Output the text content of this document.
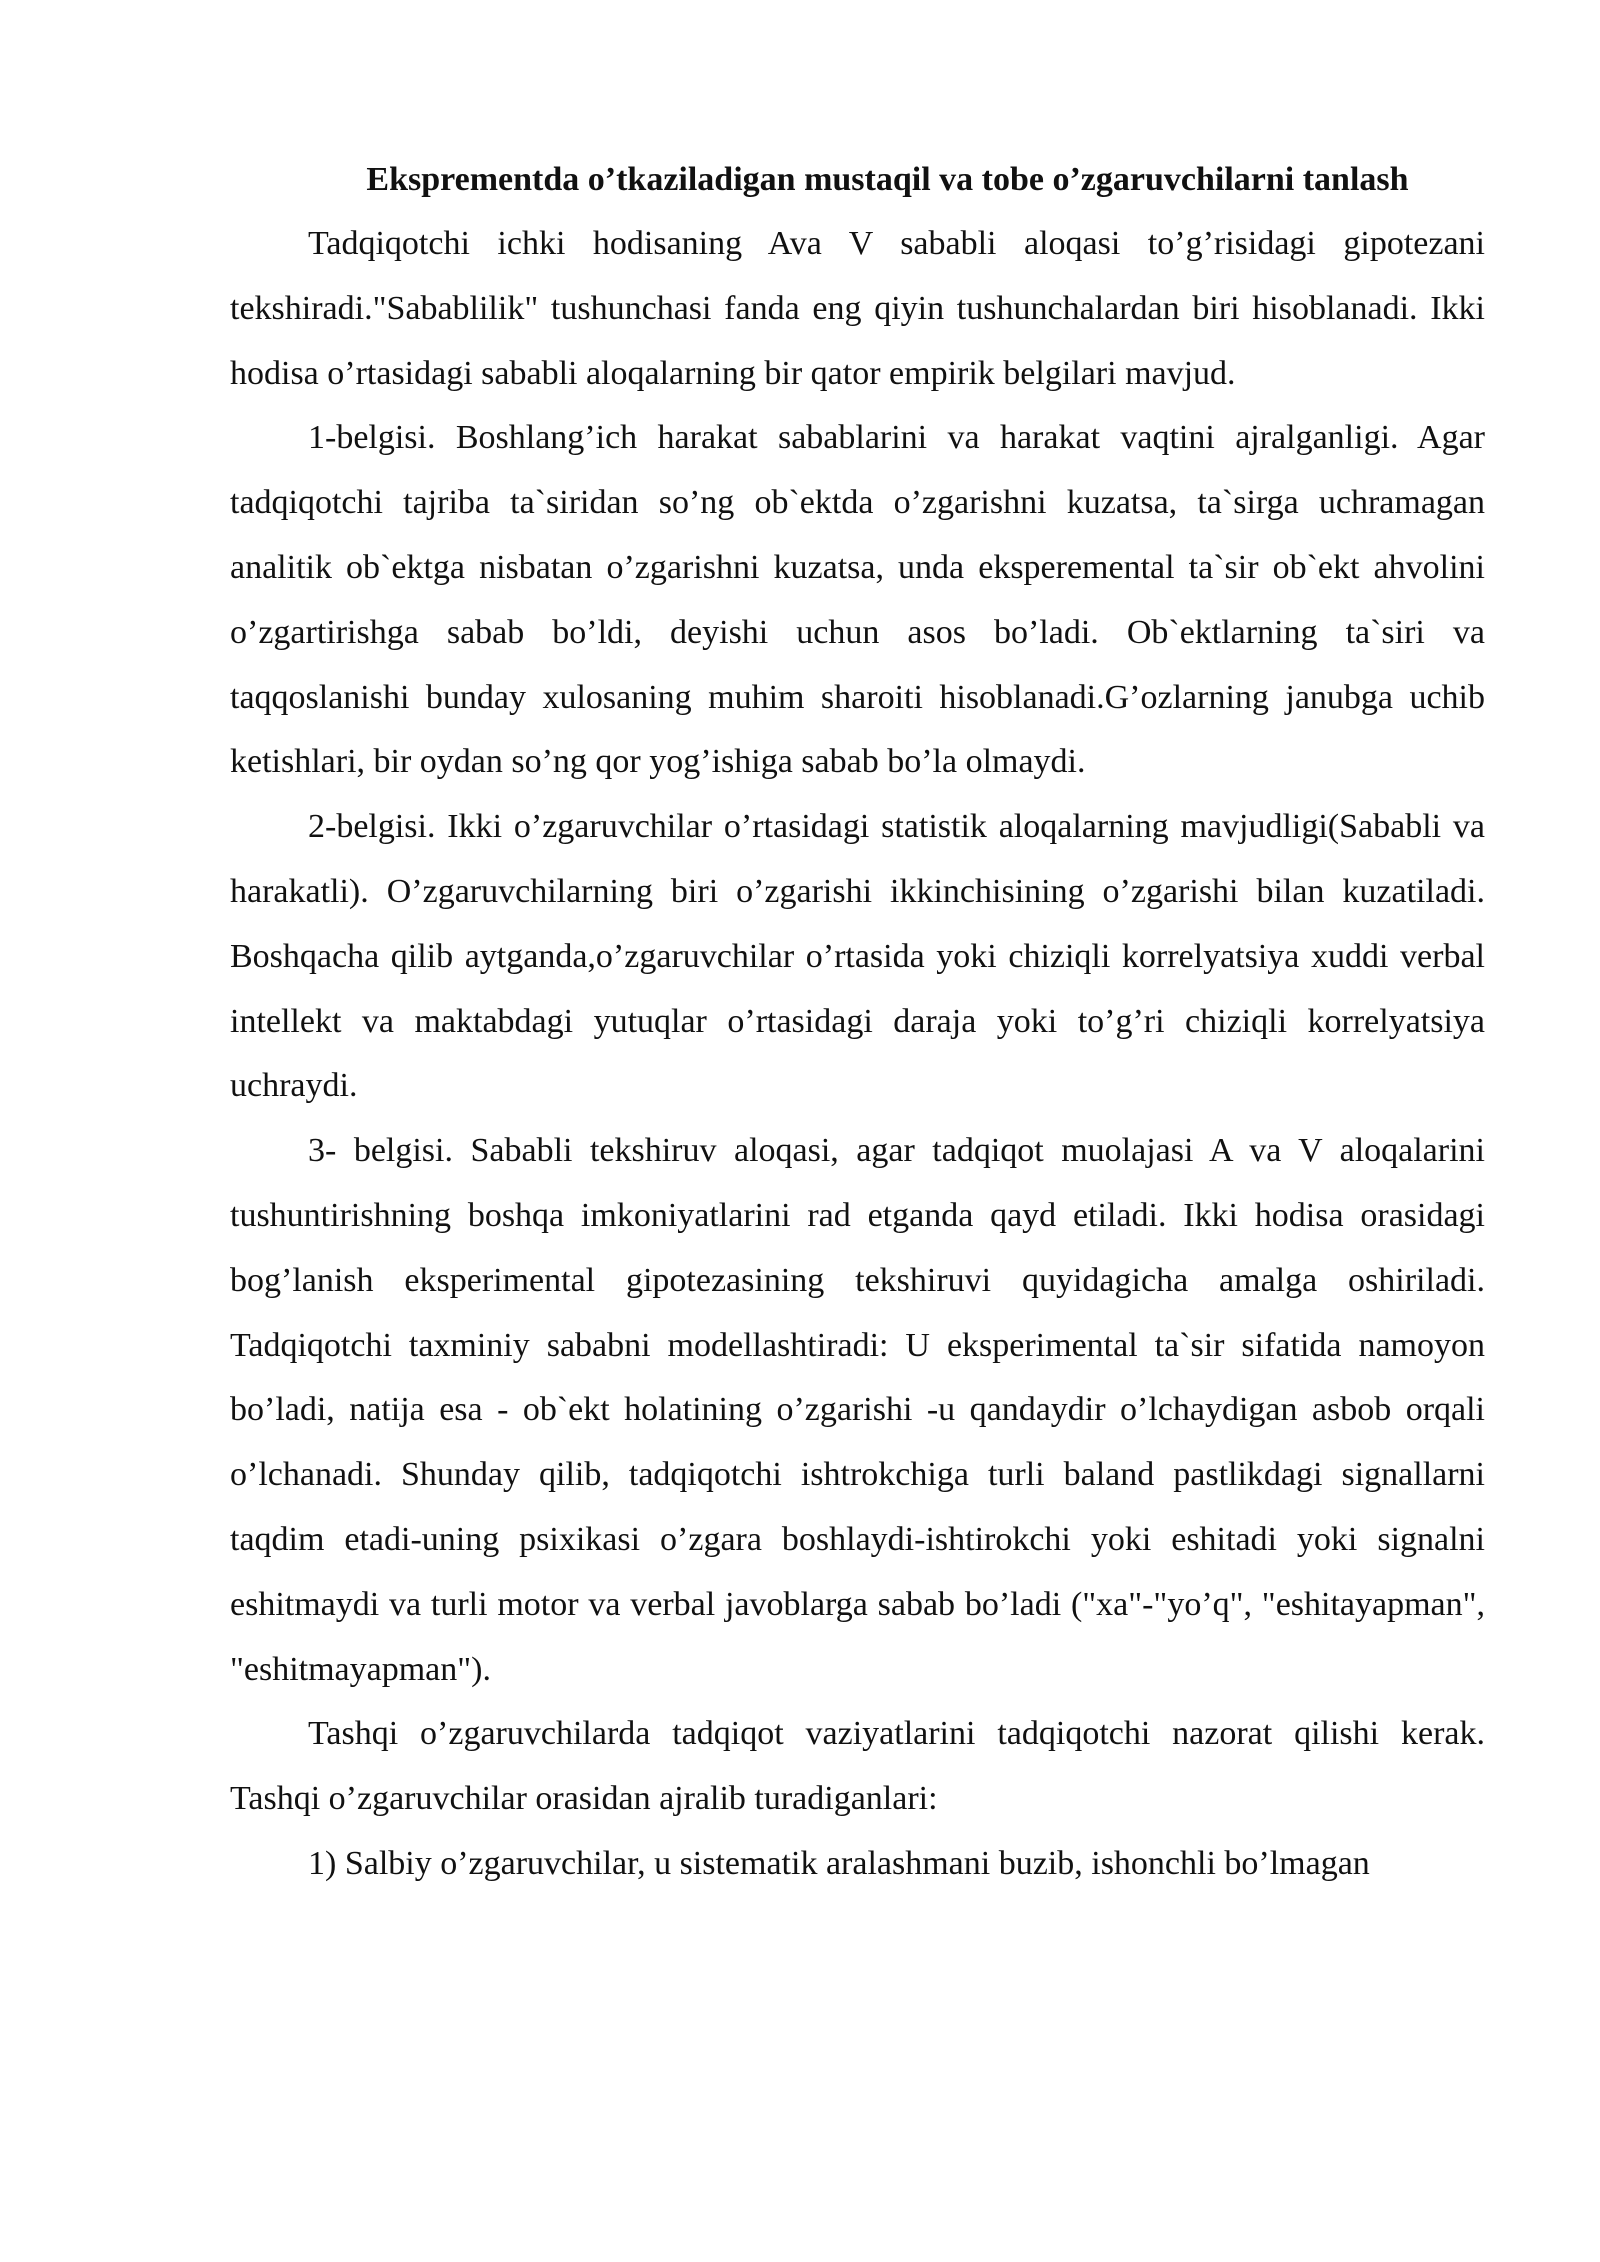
Ekspremеntda o’tkaziladigan mustaqil va tobe o’zgaruvchilarni tanlash

Tadqiqotchi ichki hodisaning Ava V sababli aloqasi to’g’risidagi gipotezani tekshiradi."Sabablilik" tushunchasi fanda eng qiyin tushunchalardan biri hisoblanadi. Ikki hodisa o’rtasidagi sababli aloqalarning bir qator empirik belgilari mavjud.

1-belgisi. Boshlang’ich harakat sabablarini va harakat vaqtini ajralganligi. Agar tadqiqotchi tajriba ta`siridan so’ng ob`ektda o’zgarishni kuzatsa, ta`sirga uchramagan analitik ob`ektga nisbatan o’zgarishni kuzatsa, unda eksperemental ta`sir ob`ekt ahvolini o’zgartirishga sabab bo’ldi, deyishi uchun asos bo’ladi. Ob`ektlarning ta`siri va taqqoslanishi bunday xulosaning muhim sharoiti hisoblanadi.G’ozlarning janubga uchib ketishlari, bir oydan so’ng qor yog’ishiga sabab bo’la olmaydi.

2-belgisi. Ikki o’zgaruvchilar o’rtasidagi statistik aloqalarning mavjudligi(Sababli va harakatli). O’zgaruvchilarning biri o’zgarishi ikkinchisining o’zgarishi bilan kuzatiladi. Boshqacha qilib aytganda,o’zgaruvchilar o’rtasida yoki chiziqli korrelyatsiya xuddi verbal intellekt va maktabdagi yutuqlar o’rtasidagi daraja yoki to’g’ri chiziqli korrelyatsiya uchraydi.

3- belgisi. Sababli tekshiruv aloqasi, agar tadqiqot muolajasi A va V aloqalarini tushuntirishning boshqa imkoniyatlarini rad etganda qayd etiladi. Ikki hodisa orasidagi bog’lanish eksperimental gipotezasining tekshiruvi quyidagicha amalga oshiriladi. Tadqiqotchi taxminiy sababni modellashtiradi: U eksperimental ta`sir sifatida namoyon bo’ladi, natija esa - ob`ekt holatining o’zgarishi -u qandaydir o’lchaydigan asbob orqali o’lchanadi. Shunday qilib, tadqiqotchi ishtrokchiga turli baland pastlikdagi signallarni taqdim etadi-uning psixikasi o’zgara boshlaydi-ishtirokchi yoki eshitadi yoki signalni eshitmaydi va turli motor va verbal javoblarga sabab bo’ladi ("xa"-"yo’q", "eshitayapman", "eshitmayapman").

Tashqi o’zgaruvchilarda tadqiqot vaziyatlarini tadqiqotchi nazorat qilishi kerak. Tashqi o’zgaruvchilar orasidan ajralib turadiganlari:

1) Salbiy o’zgaruvchilar, u sistematik aralashmani buzib, ishonchli bo’lmagan
